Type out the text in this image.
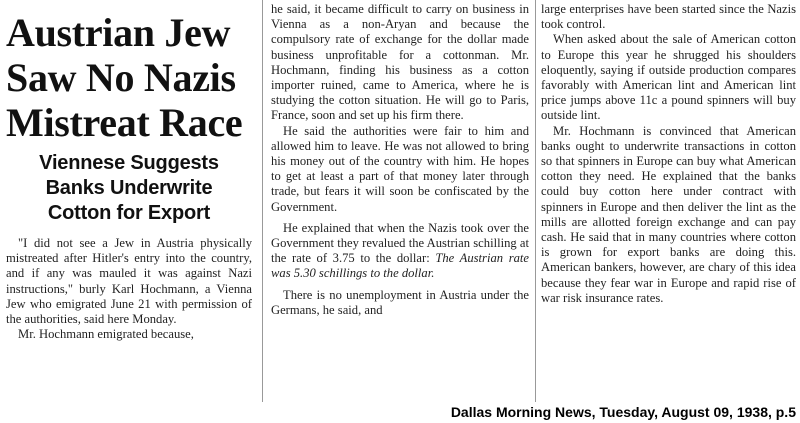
Austrian Jew
Saw No Nazis
Mistreat Race
Viennese Suggests
Banks Underwrite
Cotton for Export

"I did not see a Jew in Austria physically mistreated after Hitler's entry into the country, and if any was mauled it was against Nazi instructions," burly Karl Hochmann, a Vienna Jew who emigrated June 21 with permission of the authorities, said here Monday.

Mr. Hochmann emigrated because,

he said, it became difficult to carry on business in Vienna as a non-Aryan and because the compulsory rate of exchange for the dollar made business unprofitable for a cottonman. Mr. Hochmann, finding his business as a cotton importer ruined, came to America, where he is studying the cotton situation. He will go to Paris, France, soon and set up his firm there.

He said the authorities were fair to him and allowed him to leave. He was not allowed to bring his money out of the country with him. He hopes to get at least a part of that money later through trade, but fears it will soon be confiscated by the Government.

He explained that when the Nazis took over the Government they revalued the Austrian schilling at the rate of 3.75 to the dollar: The Austrian rate was 5.30 schillings to the dollar.

There is no unemployment in Austria under the Germans, he said, and

large enterprises have been started since the Nazis took control.

When asked about the sale of American cotton to Europe this year he shrugged his shoulders eloquently, saying if outside production compares favorably with American lint and American lint price jumps above 11c a pound spinners will buy outside lint.

Mr. Hochmann is convinced that American banks ought to underwrite transactions in cotton so that spinners in Europe can buy what American cotton they need. He explained that the banks could buy cotton here under contract with spinners in Europe and then deliver the lint as the mills are allotted foreign exchange and can pay cash. He said that in many countries where cotton is grown for export banks are doing this. American bankers, however, are chary of this idea because they fear war in Europe and rapid rise of war risk insurance rates.

Dallas Morning News, Tuesday, August 09, 1938, p.5
